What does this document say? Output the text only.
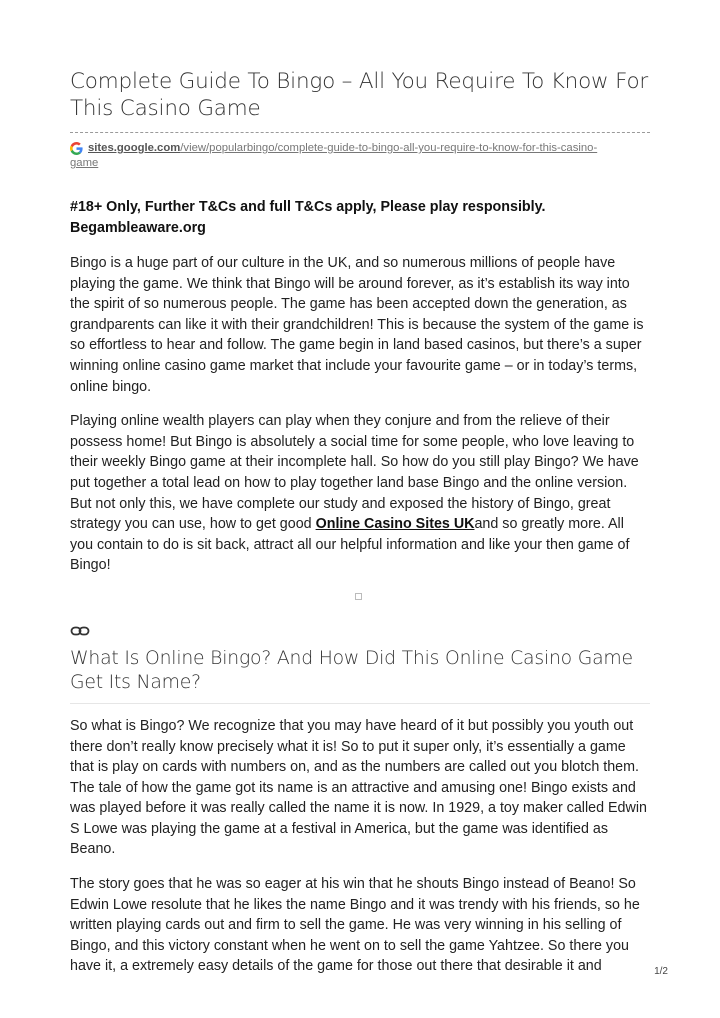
Complete Guide To Bingo – All You Require To Know For This Casino Game
sites.google.com/view/popularbingo/complete-guide-to-bingo-all-you-require-to-know-for-this-casino-
game
#18+ Only, Further T&Cs and full T&Cs apply, Please play responsibly. Begambleaware.org

Bingo is a huge part of our culture in the UK, and so numerous millions of people have playing the game. We think that Bingo will be around forever, as it’s establish its way into the spirit of so numerous people. The game has been accepted down the generation, as grandparents can like it with their grandchildren! This is because the system of the game is so effortless to hear and follow. The game begin in land based casinos, but there’s a super winning online casino game market that include your favourite game – or in today’s terms, online bingo.

Playing online wealth players can play when they conjure and from the relieve of their possess home! But Bingo is absolutely a social time for some people, who love leaving to their weekly Bingo game at their incomplete hall. So how do you still play Bingo? We have put together a total lead on how to play together land base Bingo and the online version. But not only this, we have complete our study and exposed the history of Bingo, great strategy you can use, how to get good Online Casino Sites UKand so greatly more. All you contain to do is sit back, attract all our helpful information and like your then game of Bingo!

What Is Online Bingo? And How Did This Online Casino Game Get Its Name?

So what is Bingo? We recognize that you may have heard of it but possibly you youth out there don’t really know precisely what it is! So to put it super only, it’s essentially a game that is play on cards with numbers on, and as the numbers are called out you blotch them. The tale of how the game got its name is an attractive and amusing one! Bingo exists and was played before it was really called the name it is now. In 1929, a toy maker called Edwin S Lowe was playing the game at a festival in America, but the game was identified as Beano.

The story goes that he was so eager at his win that he shouts Bingo instead of Beano! So Edwin Lowe resolute that he likes the name Bingo and it was trendy with his friends, so he written playing cards out and firm to sell the game. He was very winning in his selling of Bingo, and this victory constant when he went on to sell the game Yahtzee. So there you have it, a extremely easy details of the game for those out there that desirable it and	1/2
